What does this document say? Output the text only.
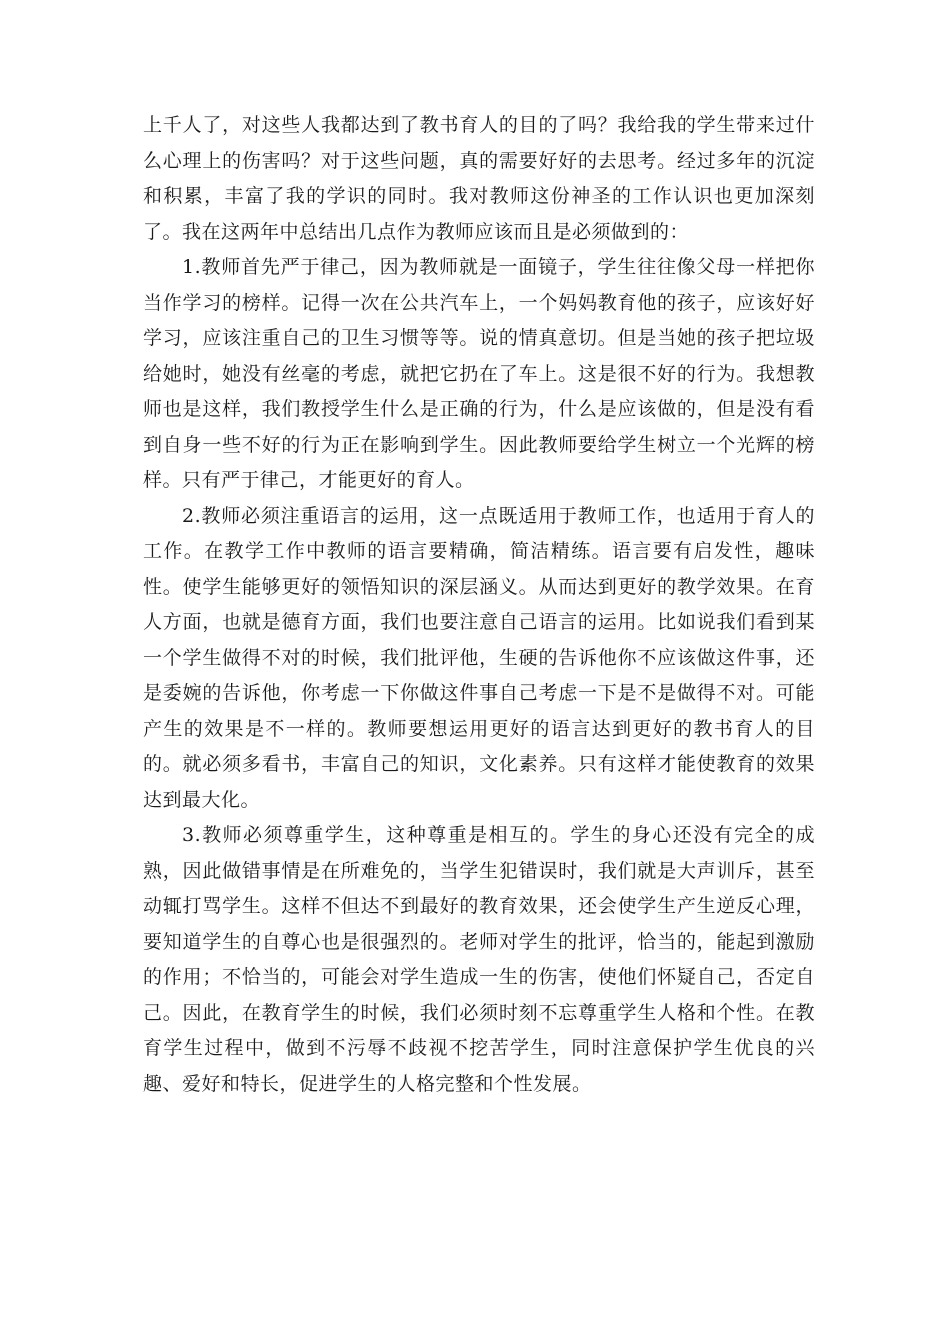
上千人了，对这些人我都达到了教书育人的目的了吗？我给我的学生带来过什么心理上的伤害吗？对于这些问题，真的需要好好的去思考。经过多年的沉淀和积累，丰富了我的学识的同时。我对教师这份神圣的工作认识也更加深刻了。我在这两年中总结出几点作为教师应该而且是必须做到的：

1.教师首先严于律己，因为教师就是一面镜子，学生往往像父母一样把你当作学习的榜样。记得一次在公共汽车上，一个妈妈教育他的孩子，应该好好学习，应该注重自己的卫生习惯等等。说的情真意切。但是当她的孩子把垃圾给她时，她没有丝毫的考虑，就把它扔在了车上。这是很不好的行为。我想教师也是这样，我们教授学生什么是正确的行为，什么是应该做的，但是没有看到自身一些不好的行为正在影响到学生。因此教师要给学生树立一个光辉的榜样。只有严于律己，才能更好的育人。

2.教师必须注重语言的运用，这一点既适用于教师工作，也适用于育人的工作。在教学工作中教师的语言要精确，简洁精练。语言要有启发性，趣味性。使学生能够更好的领悟知识的深层涵义。从而达到更好的教学效果。在育人方面，也就是德育方面，我们也要注意自己语言的运用。比如说我们看到某一个学生做得不对的时候，我们批评他，生硬的告诉他你不应该做这件事，还是委婉的告诉他，你考虑一下你做这件事自己考虑一下是不是做得不对。可能产生的效果是不一样的。教师要想运用更好的语言达到更好的教书育人的目的。就必须多看书，丰富自己的知识，文化素养。只有这样才能使教育的效果达到最大化。

3.教师必须尊重学生，这种尊重是相互的。学生的身心还没有完全的成熟，因此做错事情是在所难免的，当学生犯错误时，我们就是大声训斥，甚至动辄打骂学生。这样不但达不到最好的教育效果，还会使学生产生逆反心理，要知道学生的自尊心也是很强烈的。老师对学生的批评，恰当的，能起到激励的作用；不恰当的，可能会对学生造成一生的伤害，使他们怀疑自己，否定自己。因此，在教育学生的时候，我们必须时刻不忘尊重学生人格和个性。在教育学生过程中，做到不污辱不歧视不挖苦学生，同时注意保护学生优良的兴趣、爱好和特长，促进学生的人格完整和个性发展。
